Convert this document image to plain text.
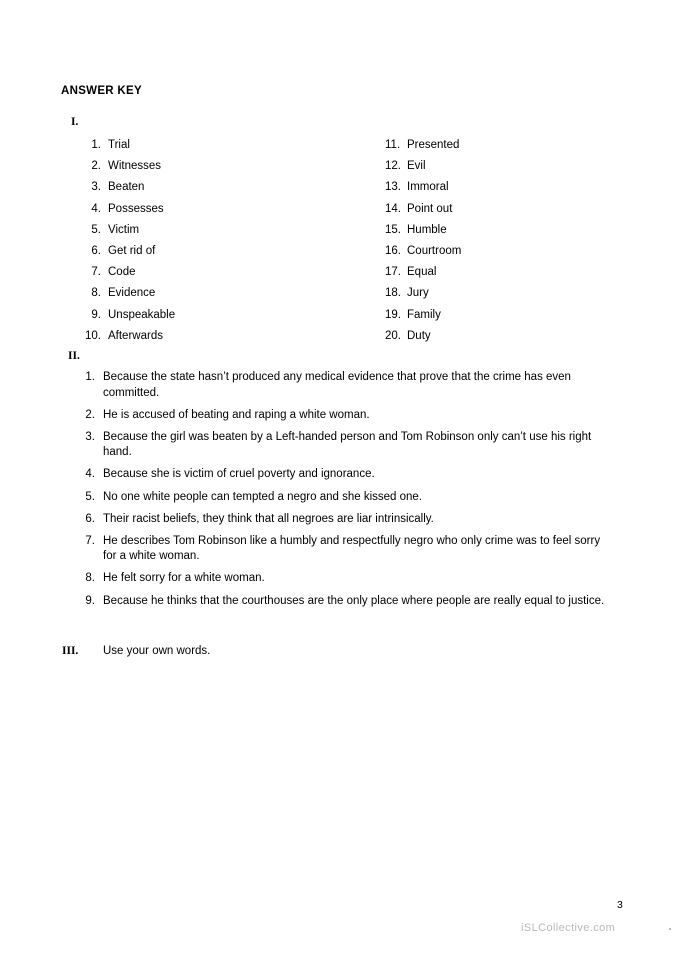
ANSWER KEY
I.
1. Trial
2. Witnesses
3. Beaten
4. Possesses
5. Victim
6. Get rid of
7. Code
8. Evidence
9. Unspeakable
10. Afterwards
11. Presented
12. Evil
13. Immoral
14. Point out
15. Humble
16. Courtroom
17. Equal
18. Jury
19. Family
20. Duty
II.
1. Because the state hasn’t produced any medical evidence that prove that the crime has even committed.
2. He is accused of beating and raping a white woman.
3. Because the girl was beaten by a Left-handed person and Tom Robinson only can’t use his right hand.
4. Because she is victim of cruel poverty and ignorance.
5. No one white people can tempted a negro and she kissed one.
6. Their racist beliefs, they think that all negroes are liar intrinsically.
7. He describes Tom Robinson like a humbly and respectfully negro who only crime was to feel sorry for a white woman.
8. He felt sorry for a white woman.
9. Because he thinks that the courthouses are the only place where people are really equal to justice.
III. Use your own words.
3
iSLCollective.com
